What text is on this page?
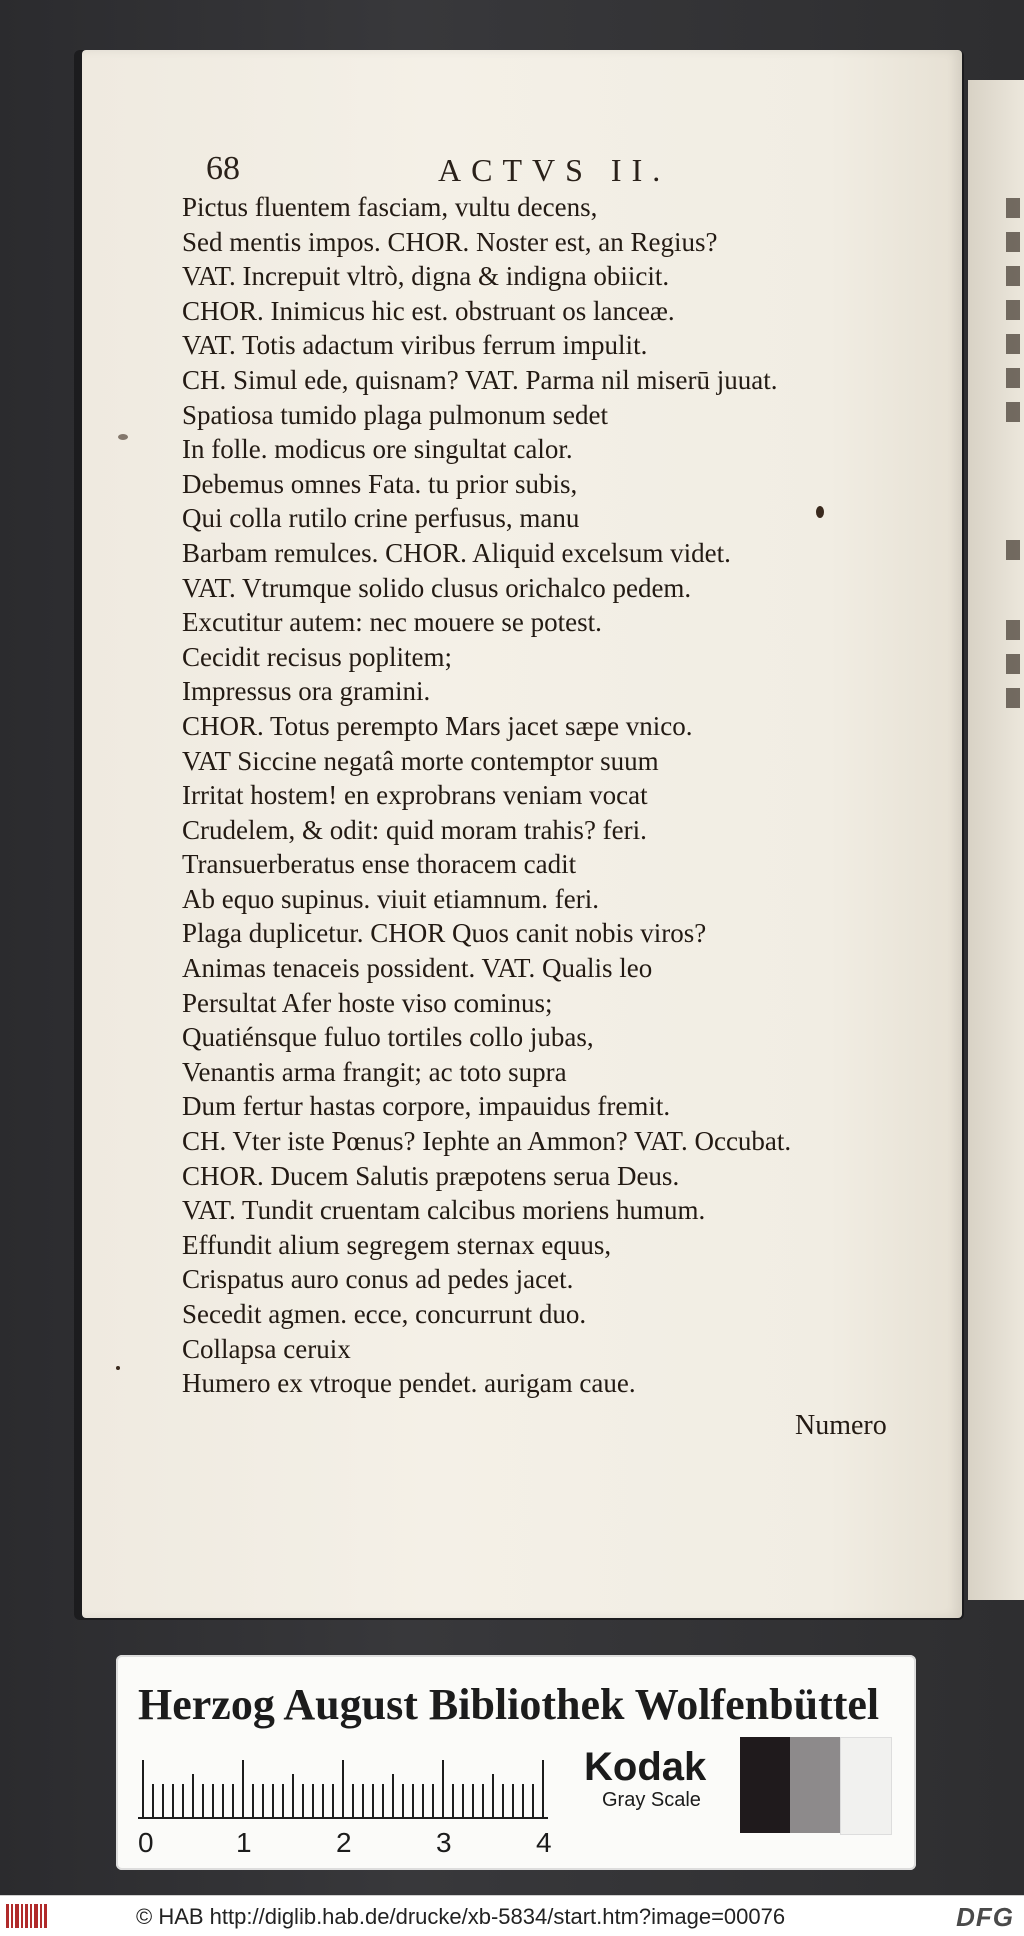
68	ACTVS II.
Pictus fluentem fasciam, vultu decens,
Sed mentis impos. CHOR. Noster est, an Regius?
VAT. Increpuit vltrò, digna & indigna obiicit.
CHOR. Inimicus hic est. obstruant os lanceæ.
VAT. Totis adactum viribus ferrum impulit.
CH. Simul ede, quisnam? VAT. Parma nil miserū juuat.
Spatiosa tumido plaga pulmonum sedet
In folle. modicus ore singultat calor.
Debemus omnes Fata. tu prior subis,
Qui colla rutilo crine perfusus, manu
Barbam remulces. CHOR. Aliquid excelsum videt.
VAT. Vtrumque solido clusus orichalco pedem.
Excutitur autem: nec mouere se potest.
Cecidit recisus poplitem;
Impressus ora gramini.
CHOR. Totus perempto Mars jacet sæpe vnico.
VAT Siccine negatâ morte contemptor suum
Irritat hostem! en exprobrans veniam vocat
Crudelem, & odit: quid moram trahis? feri.
Transuerberatus ense thoracem cadit
Ab equo supinus. viuit etiamnum. feri.
Plaga duplicetur. CHOR Quos canit nobis viros?
Animas tenaceis possident. VAT. Qualis leo
Persultat Afer hoste viso cominus;
Quatiénsque fuluo tortiles collo jubas,
Venantis arma frangit; ac toto supra
Dum fertur hastas corpore, impauidus fremit.
CH. Vter iste Pœnus? Iephte an Ammon? VAT. Occubat.
CHOR. Ducem Salutis præpotens serua Deus.
VAT. Tundit cruentam calcibus moriens humum.
Effundit alium segregem sternax equus,
Crispatus auro conus ad pedes jacet.
Secedit agmen. ecce, concurrunt duo.
Collapsa ceruix
Humero ex vtroque pendet. aurigam caue.
Numero
Herzog August Bibliothek Wolfenbüttel
0	1	2	3	4
Kodak
Gray Scale
© HAB http://diglib.hab.de/drucke/xb-5834/start.htm?image=00076	DFG
